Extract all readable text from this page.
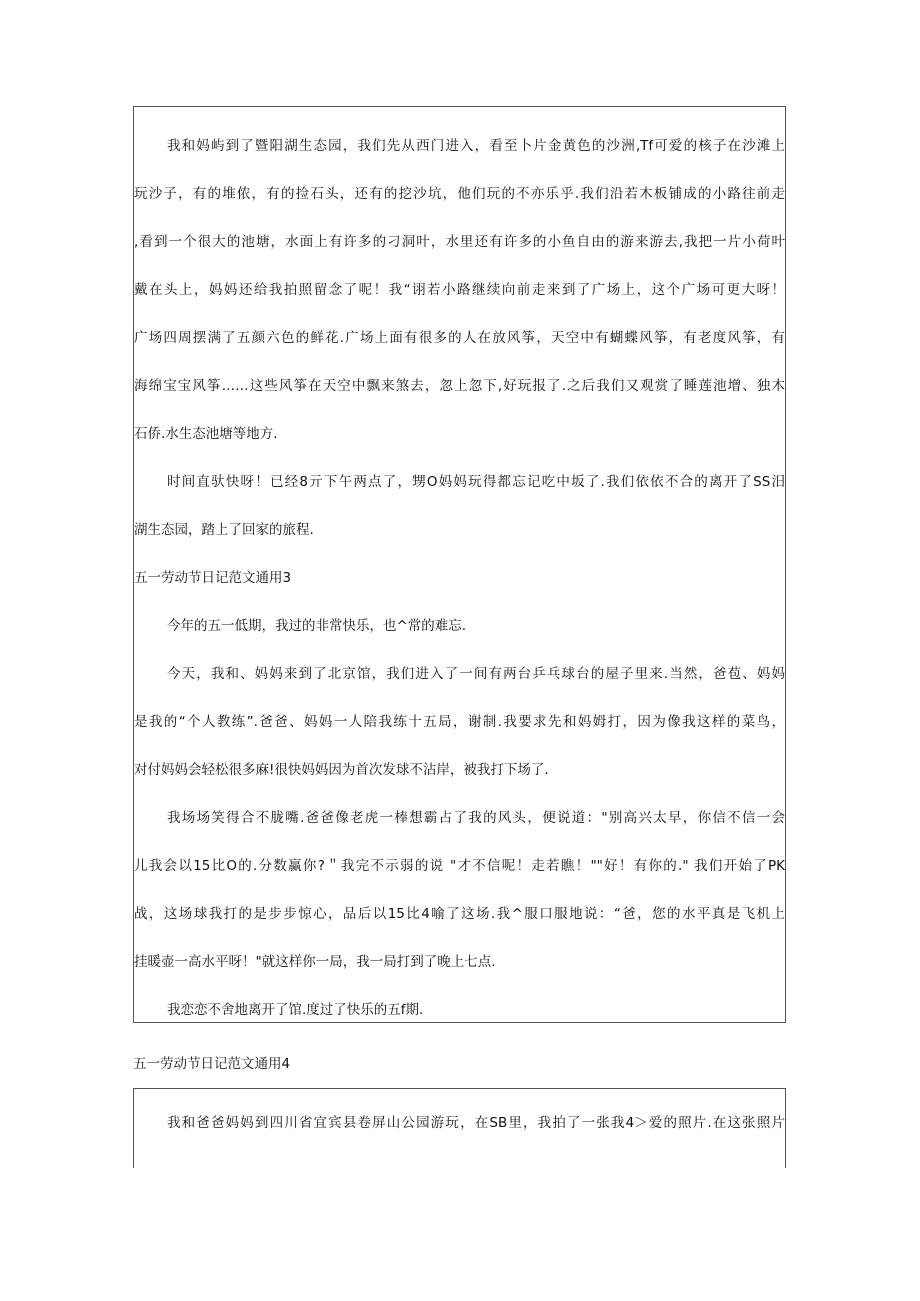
我和妈屿到了暨阳湖生态园，我们先从西门进入，看至卜片金黄色的沙洲,Tf可爱的核子在沙滩上
玩沙子，有的堆侬，有的捡石头，还有的挖沙坑，他们玩的不亦乐乎.我们沿若木板铺成的小路往前走
,看到一个很大的池塘，水面上有许多的刁洞叶，水里还有许多的小鱼自由的游来游去,我把一片小荷叶
戴在头上，妈妈还给我拍照留念了呢！我“诩若小路继续向前走来到了广场上，这个广场可更大呀！
广场四周摆满了五颜六色的鲜花.广场上面有很多的人在放风筝，天空中有蝴蝶风筝，有老度风筝，有
海绵宝宝风筝……这些风筝在天空中飘来煞去，忽上忽下,好玩报了.之后我们又观赏了睡莲池增、独木
石侨.水生态池塘等地方.
时间直驮快呀！已经8亓下午两点了，甥O妈妈玩得都忘记吃中坂了.我们依依不合的离开了SS汨
湖生态园，踏上了回家的旅程.
五一劳动节日记范文通用3
今年的五一低期，我过的非常快乐，也^常的难忘.
今天，我和、妈妈来到了北京馆，我们进入了一间有两台乒乓球台的屋子里来.当然，爸苞、妈妈
是我的“个人教练”.爸爸、妈妈一人陪我练十五局，谢制.我要求先和妈姆打，因为像我这样的菜鸟，
对付妈妈会轻松很多麻!很快妈妈因为首次发球不沾岸，被我打下场了.
我场场笑得合不胧嘴.爸爸像老虎一棒想霸占了我的风头，便说道："别高兴太早，你信不信一会
儿我会以15比O的.分数赢你?＂我完不示弱的说 "才不信呢！走若瞧！""好！有你的." 我们开始了PK
战，这场球我打的是步步惊心，品后以15比4喻了这场.我^服口服地说：“爸，您的水平真是飞机上
挂暖壶一高水平呀！"就这样你一局，我一局打到了晚上七点.
我恋恋不舍地离开了馆.度过了快乐的五f期.
五一劳动节日记范文通用4
我和爸爸妈妈到四川省宜宾县卷屏山公园游玩，在SB里，我拍了一张我4＞爱的照片.在这张照片
